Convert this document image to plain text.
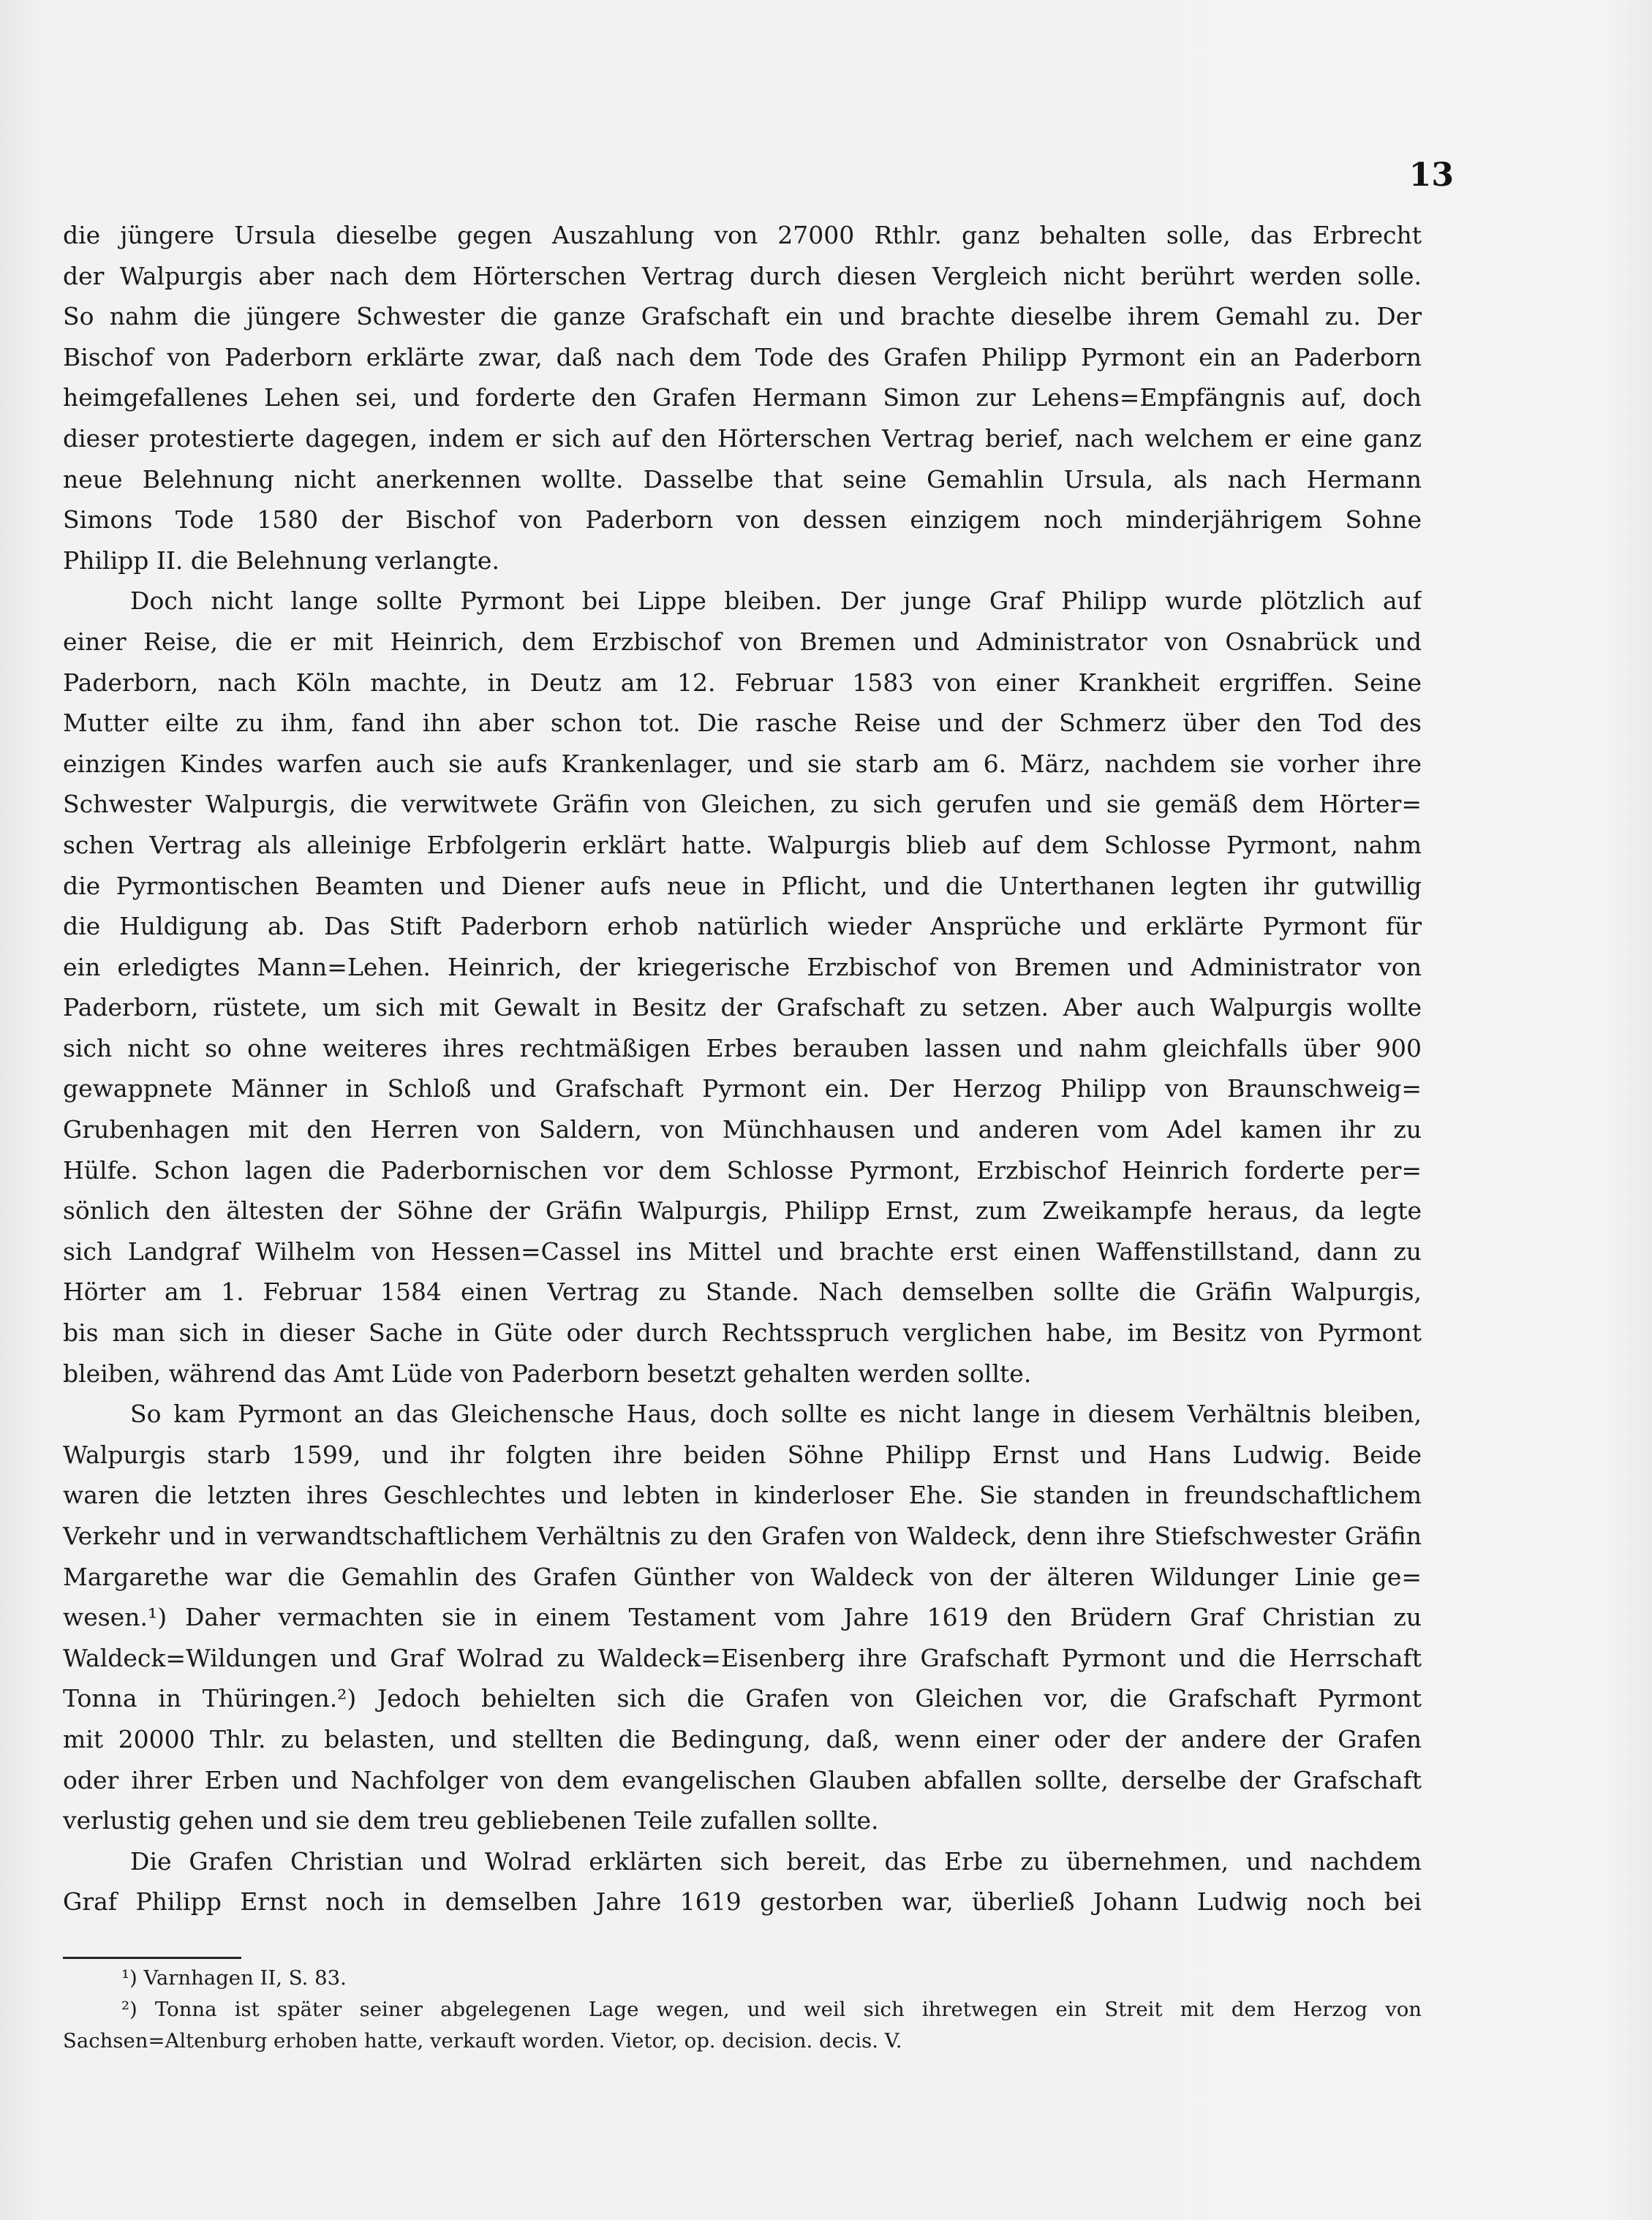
13
die jüngere Ursula dieselbe gegen Auszahlung von 27000 Rthlr. ganz behalten solle, das Erbrecht
der Walpurgis aber nach dem Hörterschen Vertrag durch diesen Vergleich nicht berührt werden solle.
So nahm die jüngere Schwester die ganze Grafschaft ein und brachte dieselbe ihrem Gemahl zu. Der
Bischof von Paderborn erklärte zwar, daß nach dem Tode des Grafen Philipp Pyrmont ein an Paderborn
heimgefallenes Lehen sei, und forderte den Grafen Hermann Simon zur Lehens=Empfängnis auf, doch
dieser protestierte dagegen, indem er sich auf den Hörterschen Vertrag berief, nach welchem er eine ganz
neue Belehnung nicht anerkennen wollte. Dasselbe that seine Gemahlin Ursula, als nach Hermann
Simons Tode 1580 der Bischof von Paderborn von dessen einzigem noch minderjährigem Sohne
Philipp II. die Belehnung verlangte.
Doch nicht lange sollte Pyrmont bei Lippe bleiben. Der junge Graf Philipp wurde plötzlich auf
einer Reise, die er mit Heinrich, dem Erzbischof von Bremen und Administrator von Osnabrück und
Paderborn, nach Köln machte, in Deutz am 12. Februar 1583 von einer Krankheit ergriffen. Seine
Mutter eilte zu ihm, fand ihn aber schon tot. Die rasche Reise und der Schmerz über den Tod des
einzigen Kindes warfen auch sie aufs Krankenlager, und sie starb am 6. März, nachdem sie vorher ihre
Schwester Walpurgis, die verwitwete Gräfin von Gleichen, zu sich gerufen und sie gemäß dem Hörter=
schen Vertrag als alleinige Erbfolgerin erklärt hatte. Walpurgis blieb auf dem Schlosse Pyrmont, nahm
die Pyrmontischen Beamten und Diener aufs neue in Pflicht, und die Unterthanen legten ihr gutwillig
die Huldigung ab. Das Stift Paderborn erhob natürlich wieder Ansprüche und erklärte Pyrmont für
ein erledigtes Mann=Lehen. Heinrich, der kriegerische Erzbischof von Bremen und Administrator von
Paderborn, rüstete, um sich mit Gewalt in Besitz der Grafschaft zu setzen. Aber auch Walpurgis wollte
sich nicht so ohne weiteres ihres rechtmäßigen Erbes berauben lassen und nahm gleichfalls über 900
gewappnete Männer in Schloß und Grafschaft Pyrmont ein. Der Herzog Philipp von Braunschweig=
Grubenhagen mit den Herren von Saldern, von Münchhausen und anderen vom Adel kamen ihr zu
Hülfe. Schon lagen die Paderbornischen vor dem Schlosse Pyrmont, Erzbischof Heinrich forderte per=
sönlich den ältesten der Söhne der Gräfin Walpurgis, Philipp Ernst, zum Zweikampfe heraus, da legte
sich Landgraf Wilhelm von Hessen=Cassel ins Mittel und brachte erst einen Waffenstillstand, dann zu
Hörter am 1. Februar 1584 einen Vertrag zu Stande. Nach demselben sollte die Gräfin Walpurgis,
bis man sich in dieser Sache in Güte oder durch Rechtsspruch verglichen habe, im Besitz von Pyrmont
bleiben, während das Amt Lüde von Paderborn besetzt gehalten werden sollte.
So kam Pyrmont an das Gleichensche Haus, doch sollte es nicht lange in diesem Verhältnis bleiben,
Walpurgis starb 1599, und ihr folgten ihre beiden Söhne Philipp Ernst und Hans Ludwig. Beide
waren die letzten ihres Geschlechtes und lebten in kinderloser Ehe. Sie standen in freundschaftlichem
Verkehr und in verwandtschaftlichem Verhältnis zu den Grafen von Waldeck, denn ihre Stiefschwester Gräfin
Margarethe war die Gemahlin des Grafen Günther von Waldeck von der älteren Wildunger Linie ge=
wesen.¹) Daher vermachten sie in einem Testament vom Jahre 1619 den Brüdern Graf Christian zu
Waldeck=Wildungen und Graf Wolrad zu Waldeck=Eisenberg ihre Grafschaft Pyrmont und die Herrschaft
Tonna in Thüringen.²) Jedoch behielten sich die Grafen von Gleichen vor, die Grafschaft Pyrmont
mit 20000 Thlr. zu belasten, und stellten die Bedingung, daß, wenn einer oder der andere der Grafen
oder ihrer Erben und Nachfolger von dem evangelischen Glauben abfallen sollte, derselbe der Grafschaft
verlustig gehen und sie dem treu gebliebenen Teile zufallen sollte.
Die Grafen Christian und Wolrad erklärten sich bereit, das Erbe zu übernehmen, und nachdem
Graf Philipp Ernst noch in demselben Jahre 1619 gestorben war, überließ Johann Ludwig noch bei
¹) Varnhagen II, S. 83.
²) Tonna ist später seiner abgelegenen Lage wegen, und weil sich ihretwegen ein Streit mit dem Herzog von
Sachsen=Altenburg erhoben hatte, verkauft worden. Vietor, op. decision. decis. V.
